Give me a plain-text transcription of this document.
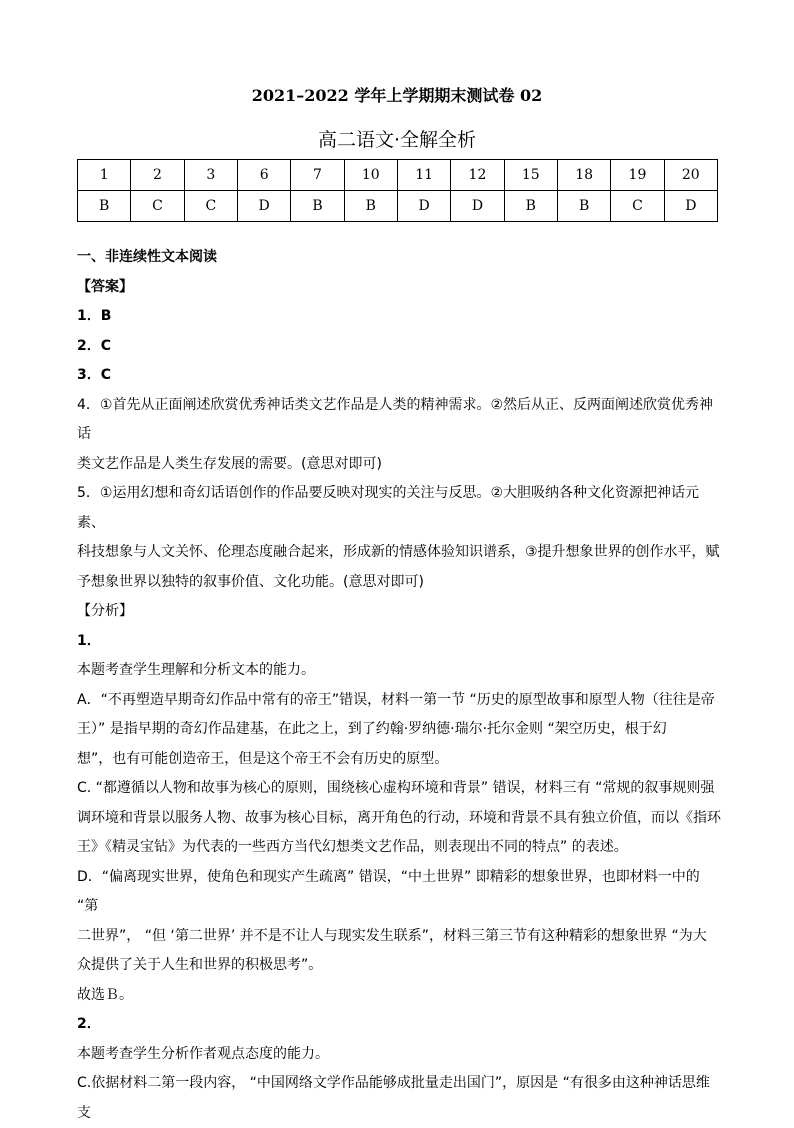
2021–2022 学年上学期期末测试卷 02
高二语文·全解全析
1	2	3	6	7	10	11	12	15	18	19	20
B	C	C	D	B	B	D	D	B	B	C	D

一、非连续性文本阅读

【答案】

1．B

2．C

3．C

4．①首先从正面阐述欣赏优秀神话类文艺作品是人类的精神需求。②然后从正、反两面阐述欣赏优秀神话

类文艺作品是人类生存发展的需要。(意思对即可)

5．①运用幻想和奇幻话语创作的作品要反映对现实的关注与反思。②大胆吸纳各种文化资源把神话元素、

科技想象与人文关怀、伦理态度融合起来，形成新的情感体验知识谱系，③提升想象世界的创作水平，赋

予想象世界以独特的叙事价值、文化功能。(意思对即可)

【分析】

1．

本题考查学生理解和分析文本的能力。

A．“不再塑造早期奇幻作品中常有的帝王”错误，材料一第一节 “历史的原型故事和原型人物（往往是帝

王）” 是指早期的奇幻作品建基，在此之上，到了约翰·罗纳德·瑞尔·托尔金则 “架空历史，根于幻

想”，也有可能创造帝王，但是这个帝王不会有历史的原型。

C. “都遵循以人物和故事为核心的原则，围绕核心虚构环境和背景” 错误，材料三有 “常规的叙事规则强

调环境和背景以服务人物、故事为核心目标，离开角色的行动，环境和背景不具有独立价值，而以《指环

王》《精灵宝钻》为代表的一些西方当代幻想类文艺作品，则表现出不同的特点” 的表述。

D．“偏离现实世界，使角色和现实产生疏离” 错误，“中土世界” 即精彩的想象世界，也即材料一中的 “第

二世界”， “但 ‘第二世界’ 并不是不让人与现实发生联系”，材料三第三节有这种精彩的想象世界 “为大

众提供了关于人生和世界的积极思考”。

故选Ｂ。

2．

本题考查学生分析作者观点态度的能力。

C.依据材料二第一段内容， “中国网络文学作品能够成批量走出国门”，原因是 “有很多由这种神话思维支
